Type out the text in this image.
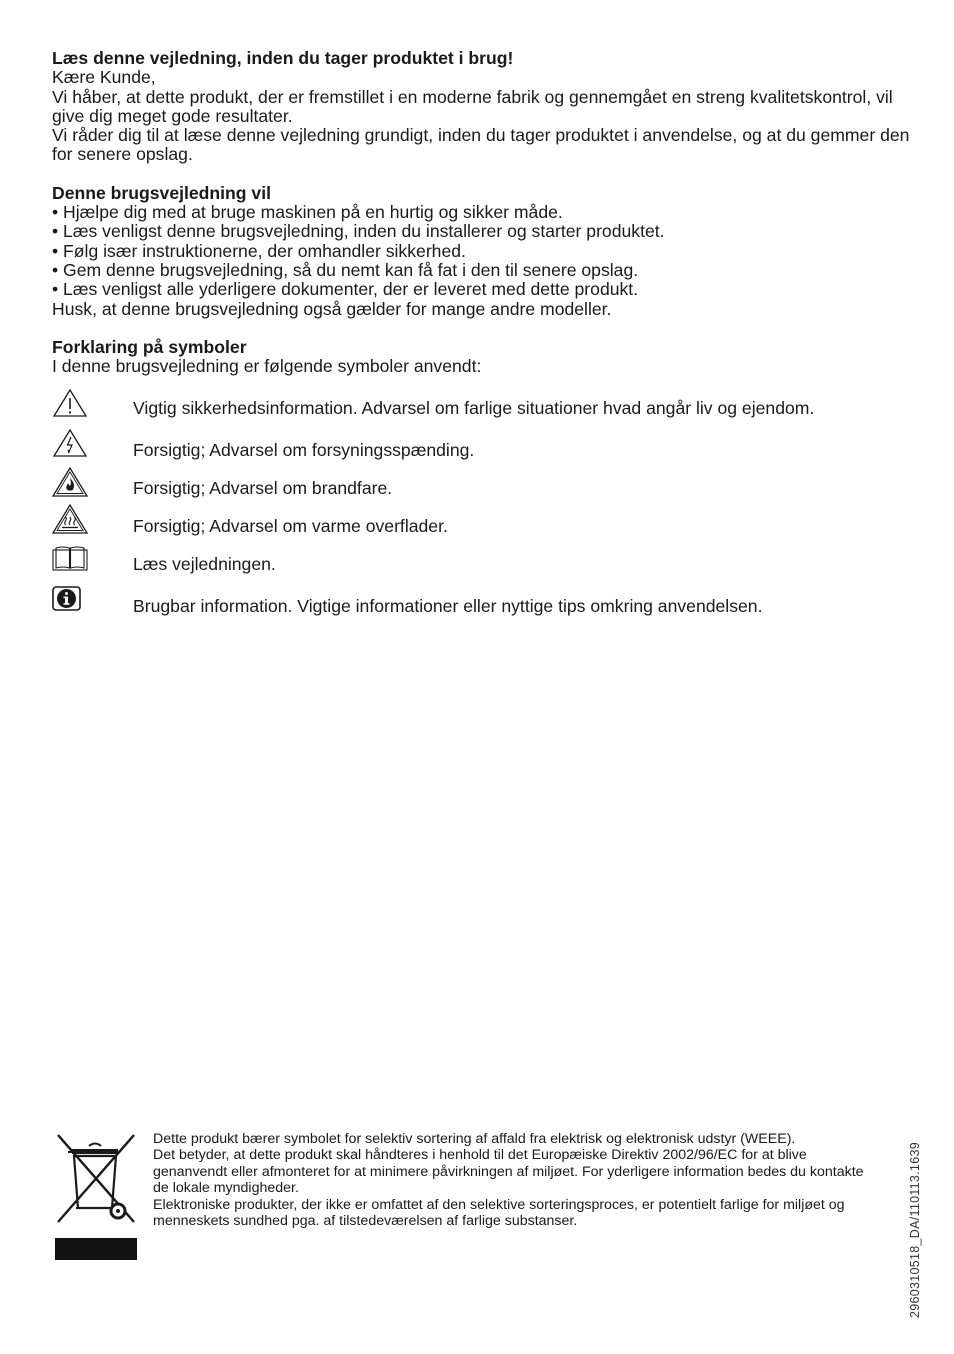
Læs denne vejledning, inden du tager produktet i brug!

Kære Kunde,

Vi håber, at dette produkt, der er fremstillet i en moderne fabrik og gennemgået en streng kvalitetskontrol, vil give dig meget gode resultater.

Vi råder dig til at læse denne vejledning grundigt, inden du tager produktet i anvendelse, og at du gemmer den for senere opslag.

Denne brugsvejledning vil

• Hjælpe dig med at bruge maskinen på en hurtig og sikker måde.

• Læs venligst denne brugsvejledning, inden du installerer og starter produktet.

• Følg især instruktionerne, der omhandler sikkerhed.

• Gem denne brugsvejledning, så du nemt kan få fat i den til senere opslag.

• Læs venligst alle yderligere dokumenter, der er leveret med dette produkt.

Husk, at denne brugsvejledning også gælder for mange andre modeller.

Forklaring på symboler

I denne brugsvejledning er følgende symboler anvendt:

Vigtig sikkerhedsinformation. Advarsel om farlige situationer hvad angår liv og ejendom.
Forsigtig; Advarsel om forsyningsspænding.
Forsigtig; Advarsel om brandfare.
Forsigtig; Advarsel om varme overflader.
Læs vejledningen.
Brugbar information. Vigtige informationer eller nyttige tips omkring anvendelsen.

Dette produkt bærer symbolet for selektiv sortering af affald fra elektrisk og elektronisk udstyr (WEEE).

Det betyder, at dette produkt skal håndteres i henhold til det Europæiske Direktiv 2002/96/EC for at blive genanvendt eller afmonteret for at minimere påvirkningen af miljøet. For yderligere information bedes du kontakte de lokale myndigheder.

Elektroniske produkter, der ikke er omfattet af den selektive sorteringsproces, er potentielt farlige for miljøet og menneskets sundhed pga. af tilstedeværelsen af farlige substanser.	2960310518_DA/110113.1639
